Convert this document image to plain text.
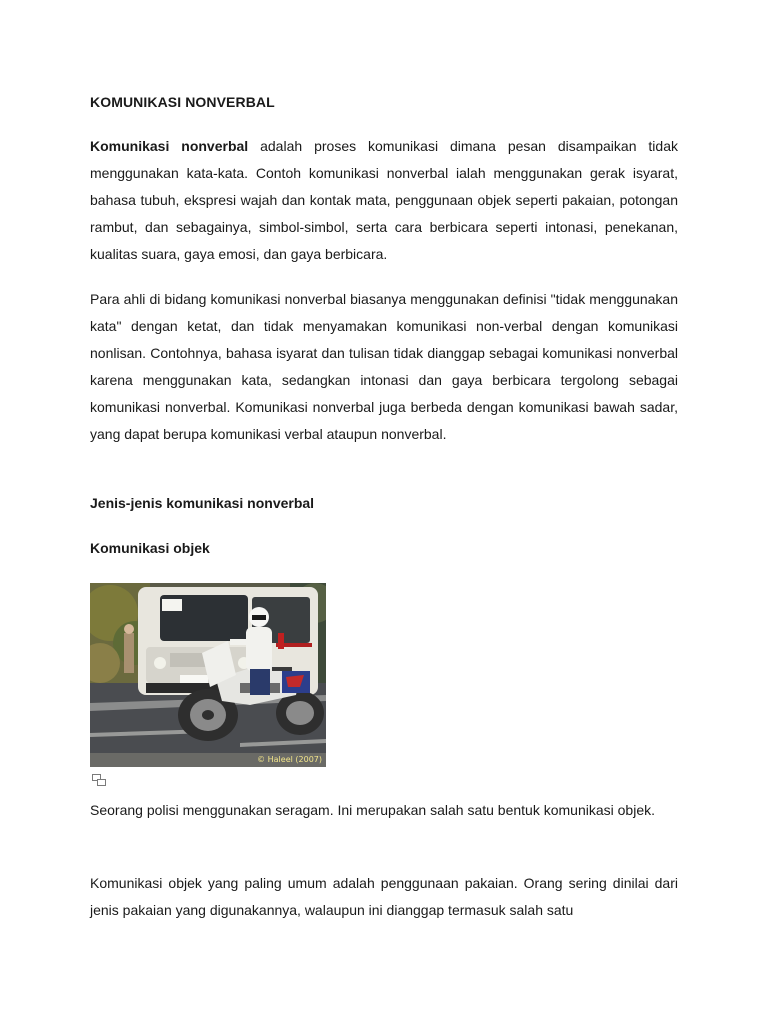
KOMUNIKASI NONVERBAL

Komunikasi nonverbal adalah proses komunikasi dimana pesan disampaikan tidak menggunakan kata-kata. Contoh komunikasi nonverbal ialah menggunakan gerak isyarat, bahasa tubuh, ekspresi wajah dan kontak mata, penggunaan objek seperti pakaian, potongan rambut, dan sebagainya, simbol-simbol, serta cara berbicara seperti intonasi, penekanan, kualitas suara, gaya emosi, dan gaya berbicara.

Para ahli di bidang komunikasi nonverbal biasanya menggunakan definisi "tidak menggunakan kata" dengan ketat, dan tidak menyamakan komunikasi non-verbal dengan komunikasi nonlisan. Contohnya, bahasa isyarat dan tulisan tidak dianggap sebagai komunikasi nonverbal karena menggunakan kata, sedangkan intonasi dan gaya berbicara tergolong sebagai komunikasi nonverbal. Komunikasi nonverbal juga berbeda dengan komunikasi bawah sadar, yang dapat berupa komunikasi verbal ataupun nonverbal.

Jenis-jenis komunikasi nonverbal
Komunikasi objek
© Haleel (2007)

Seorang polisi menggunakan seragam. Ini merupakan salah satu bentuk komunikasi objek.

Komunikasi objek yang paling umum adalah penggunaan pakaian. Orang sering dinilai dari jenis pakaian yang digunakannya, walaupun ini dianggap termasuk salah satu
